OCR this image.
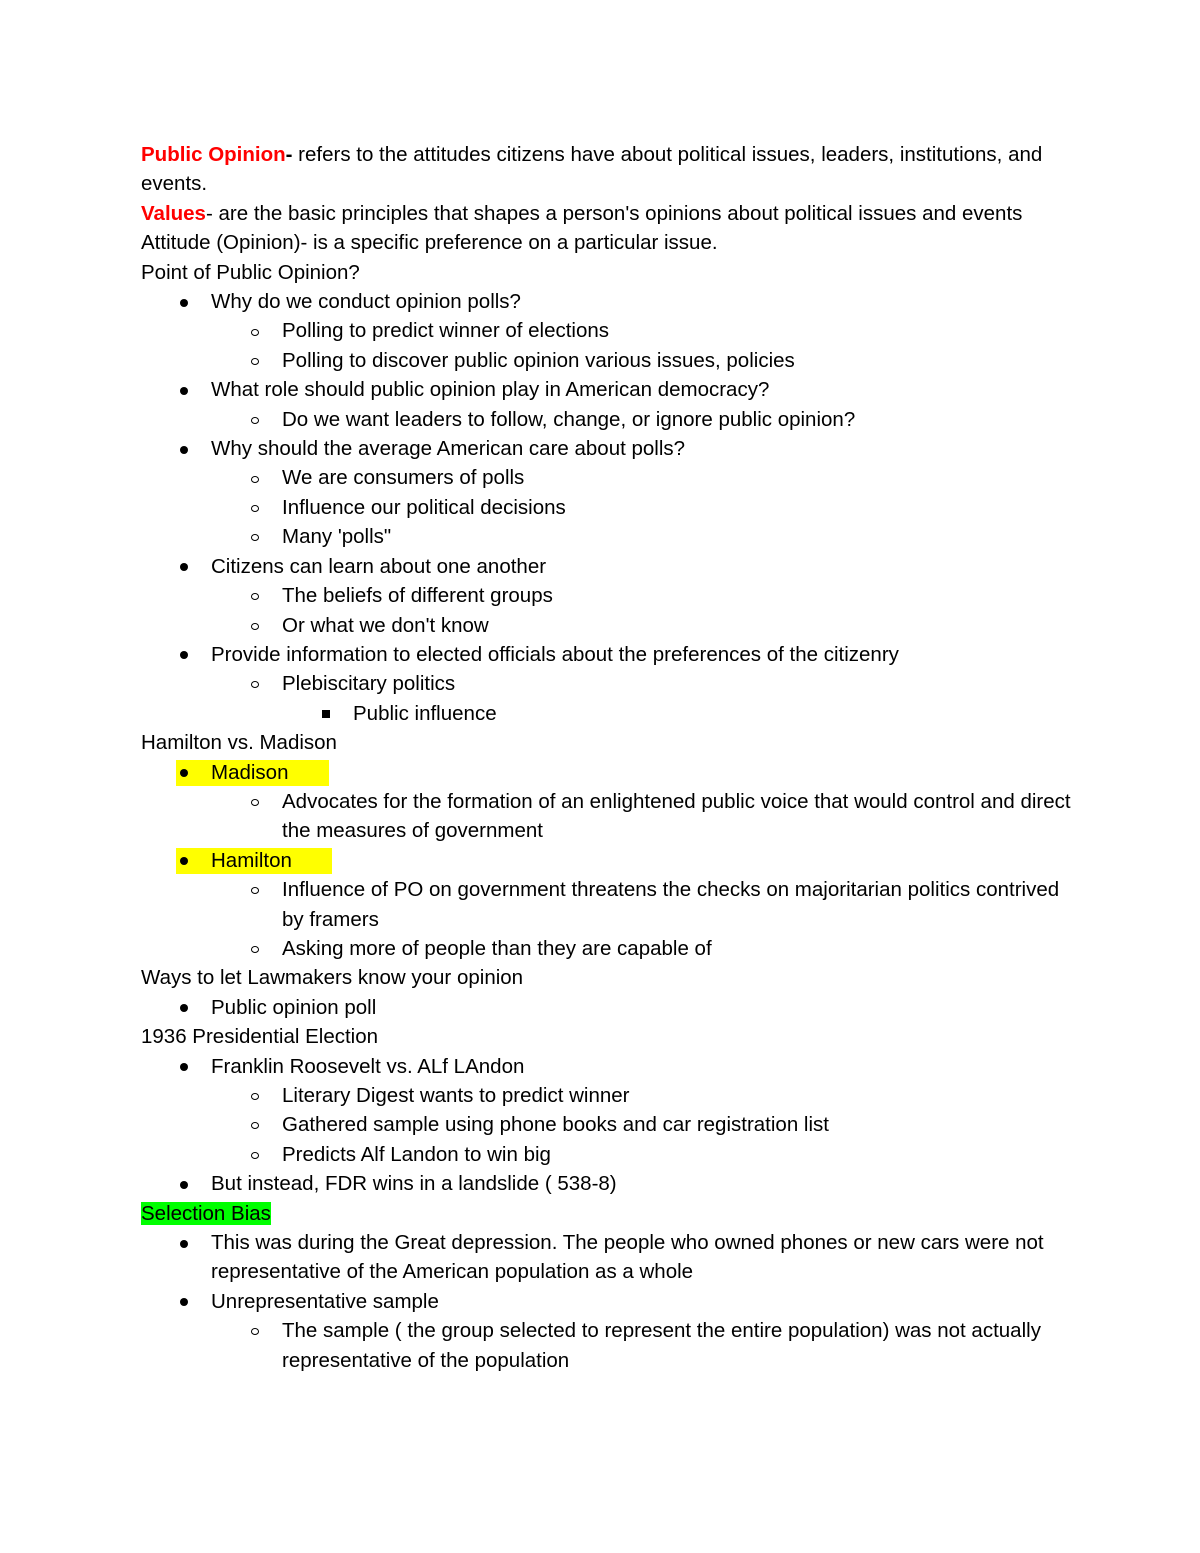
Public Opinion- refers to the attitudes citizens have about political issues, leaders, institutions, and events.
Values- are the basic principles that shapes a person's opinions about political issues and events
Attitude (Opinion)- is a specific preference on a particular issue.
Point of Public Opinion?
Why do we conduct opinion polls?
Polling to predict winner of elections
Polling to discover public opinion various issues, policies
What role should public opinion play in American democracy?
Do we want leaders to follow, change, or ignore public opinion?
Why should the average American care about polls?
We are consumers of polls
Influence our political decisions
Many 'polls"
Citizens can learn about one another
The beliefs of different groups
Or what we don't know
Provide information to elected officials about the preferences of the citizenry
Plebiscitary politics
Public influence
Hamilton vs. Madison
Madison
Advocates for the formation of an enlightened public voice that would control and direct the measures of government
Hamilton
Influence of PO on government threatens the checks on majoritarian politics contrived by framers
Asking more of people than they are capable of
Ways to let Lawmakers know your opinion
Public opinion poll
1936 Presidential Election
Franklin Roosevelt vs. ALf LAndon
Literary Digest wants to predict winner
Gathered sample using phone books and car registration list
Predicts Alf Landon to win big
But instead, FDR wins in a landslide ( 538-8)
Selection Bias
This was during the Great depression. The people who owned phones or new cars were not representative of the American population as a whole
Unrepresentative sample
The sample ( the group selected to represent the entire population) was not actually representative of the population
